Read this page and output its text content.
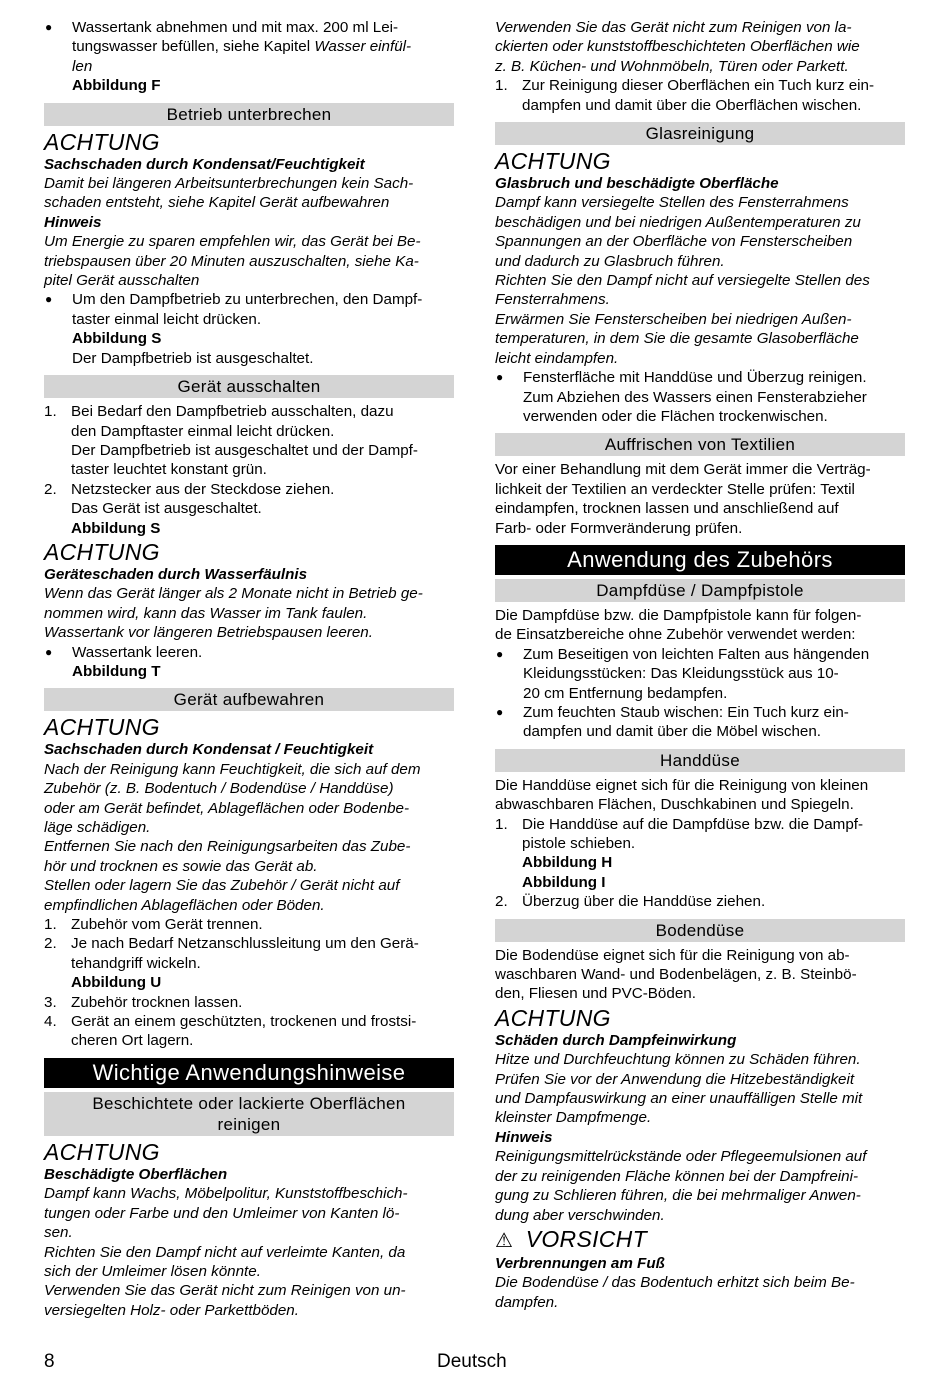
●	Wassertank abnehmen und mit max. 200 ml Lei-
tungswasser befüllen, siehe Kapitel Wasser einfül-
len
Abbildung F
Betrieb unterbrechen
ACHTUNG
Sachschaden durch Kondensat/Feuchtigkeit
Damit bei längeren Arbeitsunterbrechungen kein Sach-
schaden entsteht, siehe Kapitel Gerät aufbewahren
Hinweis
Um Energie zu sparen empfehlen wir, das Gerät bei Be-
triebspausen über 20 Minuten auszuschalten, siehe Ka-
pitel Gerät ausschalten
●	Um den Dampfbetrieb zu unterbrechen, den Dampf-
taster einmal leicht drücken.
Abbildung S
Der Dampfbetrieb ist ausgeschaltet.
Gerät ausschalten
1. Bei Bedarf den Dampfbetrieb ausschalten, dazu
den Dampftaster einmal leicht drücken.
Der Dampfbetrieb ist ausgeschaltet und der Dampf-
taster leuchtet konstant grün.
2. Netzstecker aus der Steckdose ziehen.
Das Gerät ist ausgeschaltet.
Abbildung S
ACHTUNG
Geräteschaden durch Wasserfäulnis
Wenn das Gerät länger als 2 Monate nicht in Betrieb ge-
nommen wird, kann das Wasser im Tank faulen.
Wassertank vor längeren Betriebspausen leeren.
●	Wassertank leeren.
Abbildung T
Gerät aufbewahren
ACHTUNG
Sachschaden durch Kondensat / Feuchtigkeit
Nach der Reinigung kann Feuchtigkeit, die sich auf dem
Zubehör (z. B. Bodentuch / Bodendüse / Handdüse)
oder am Gerät befindet, Ablageflächen oder Bodenbe-
läge schädigen.
Entfernen Sie nach den Reinigungsarbeiten das Zube-
hör und trocknen es sowie das Gerät ab.
Stellen oder lagern Sie das Zubehör / Gerät nicht auf
empfindlichen Ablageflächen oder Böden.
1. Zubehör vom Gerät trennen.
2. Je nach Bedarf Netzanschlussleitung um den Gerä-
tehandgriff wickeln.
Abbildung U
3. Zubehör trocknen lassen.
4. Gerät an einem geschützten, trockenen und frostsi-
cheren Ort lagern.
Wichtige Anwendungshinweise
Beschichtete oder lackierte Oberflächen
reinigen
ACHTUNG
Beschädigte Oberflächen
Dampf kann Wachs, Möbelpolitur, Kunststoffbeschich-
tungen oder Farbe und den Umleimer von Kanten lö-
sen.
Richten Sie den Dampf nicht auf verleimte Kanten, da
sich der Umleimer lösen könnte.
Verwenden Sie das Gerät nicht zum Reinigen von un-
versiegelten Holz- oder Parkettböden.
Verwenden Sie das Gerät nicht zum Reinigen von la-
ckierten oder kunststoffbeschichteten Oberflächen wie
z. B. Küchen- und Wohnmöbeln, Türen oder Parkett.
1. Zur Reinigung dieser Oberflächen ein Tuch kurz ein-
dampfen und damit über die Oberflächen wischen.
Glasreinigung
ACHTUNG
Glasbruch und beschädigte Oberfläche
Dampf kann versiegelte Stellen des Fensterrahmens
beschädigen und bei niedrigen Außentemperaturen zu
Spannungen an der Oberfläche von Fensterscheiben
und dadurch zu Glasbruch führen.
Richten Sie den Dampf nicht auf versiegelte Stellen des
Fensterrahmens.
Erwärmen Sie Fensterscheiben bei niedrigen Außen-
temperaturen, in dem Sie die gesamte Glasoberfläche
leicht eindampfen.
●	Fensterfläche mit Handdüse und Überzug reinigen.
Zum Abziehen des Wassers einen Fensterabzieher
verwenden oder die Flächen trockenwischen.
Auffrischen von Textilien
Vor einer Behandlung mit dem Gerät immer die Verträg-
lichkeit der Textilien an verdeckter Stelle prüfen: Textil
eindampfen, trocknen lassen und anschließend auf
Farb- oder Formveränderung prüfen.
Anwendung des Zubehörs
Dampfdüse / Dampfpistole
Die Dampfdüse bzw. die Dampfpistole kann für folgen-
de Einsatzbereiche ohne Zubehör verwendet werden:
●	Zum Beseitigen von leichten Falten aus hängenden
Kleidungsstücken: Das Kleidungsstück aus 10-
20 cm Entfernung bedampfen.
●	Zum feuchten Staub wischen: Ein Tuch kurz ein-
dampfen und damit über die Möbel wischen.
Handdüse
Die Handdüse eignet sich für die Reinigung von kleinen
abwaschbaren Flächen, Duschkabinen und Spiegeln.
1. Die Handdüse auf die Dampfdüse bzw. die Dampf-
pistole schieben.
Abbildung H
Abbildung I
2. Überzug über die Handdüse ziehen.
Bodendüse
Die Bodendüse eignet sich für die Reinigung von ab-
waschbaren Wand- und Bodenbelägen, z. B. Steinbö-
den, Fliesen und PVC-Böden.
ACHTUNG
Schäden durch Dampfeinwirkung
Hitze und Durchfeuchtung können zu Schäden führen.
Prüfen Sie vor der Anwendung die Hitzebeständigkeit
und Dampfauswirkung an einer unauffälligen Stelle mit
kleinster Dampfmenge.
Hinweis
Reinigungsmittelrückstände oder Pflegeemulsionen auf
der zu reinigenden Fläche können bei der Dampfreini-
gung zu Schlieren führen, die bei mehrmaliger Anwen-
dung aber verschwinden.
⚠ VORSICHT
Verbrennungen am Fuß
Die Bodendüse / das Bodentuch erhitzt sich beim Be-
dampfen.
8	Deutsch
